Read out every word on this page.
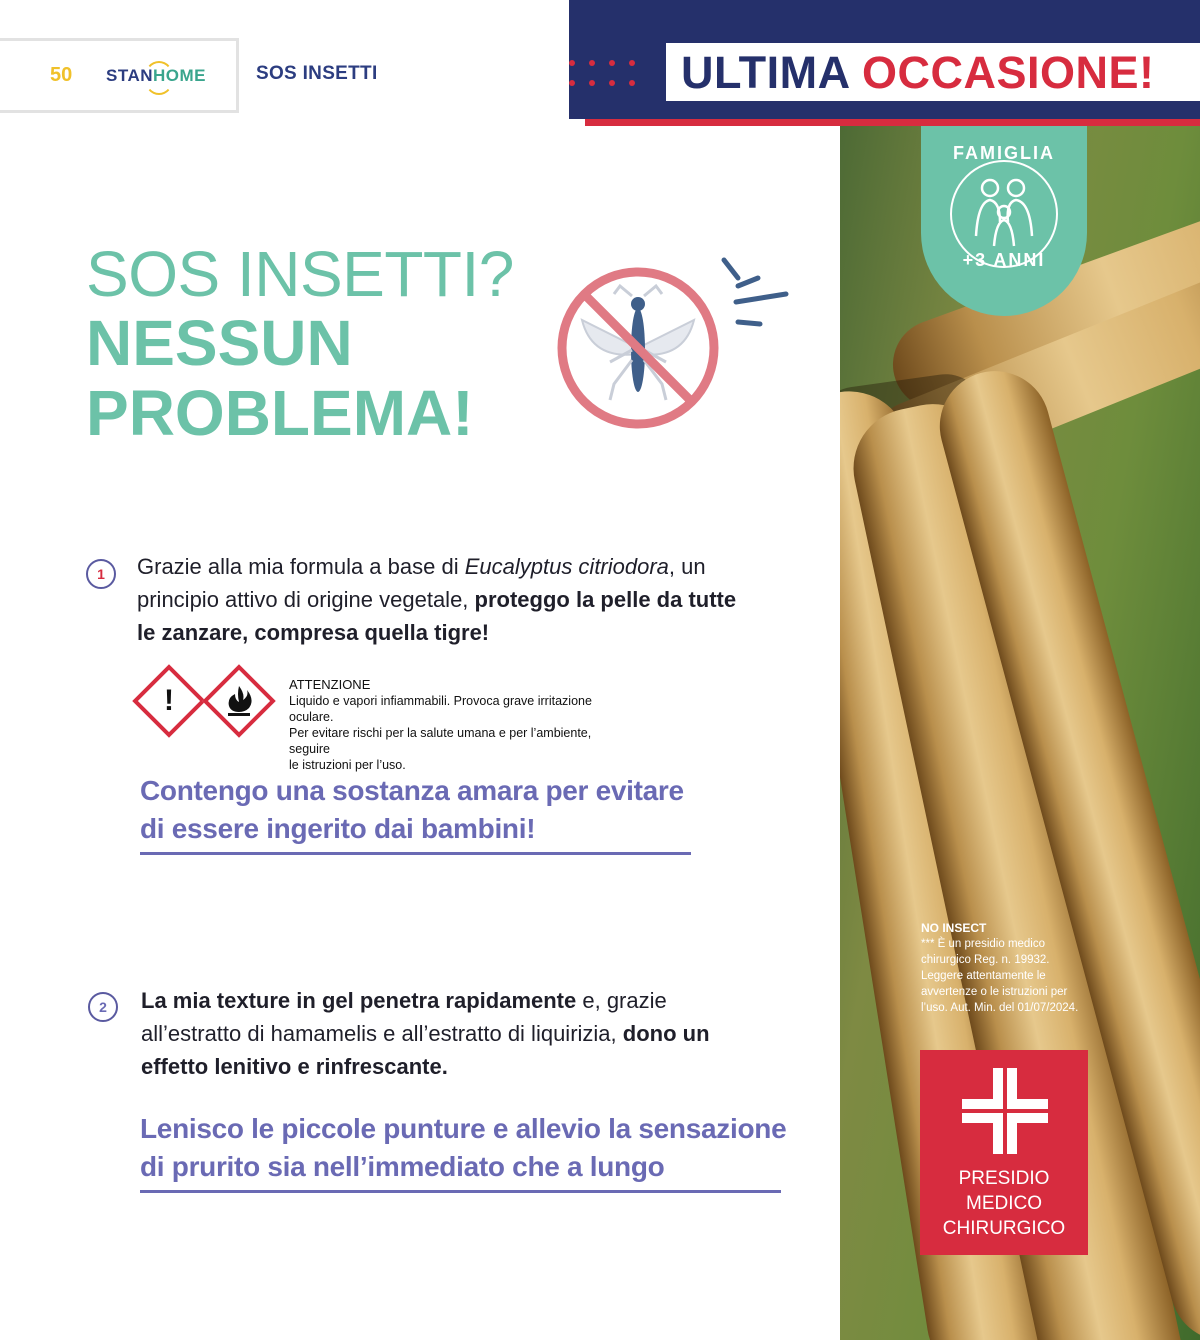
50 STANHOME	SOS INSETTI	ULTIMA OCCASIONE!
FAMIGLIA
+3 ANNI
NO INSECT
*** È un presidio medico chirurgico Reg. n. 19932. Leggere attentamente le avvertenze o le istruzioni per l’uso. Aut. Min. del 01/07/2024.
PRESIDIO
MEDICO
CHIRURGICO
SOS INSETTI?
NESSUN
PROBLEMA!
1	Grazie alla mia formula a base di Eucalyptus citriodora, un principio attivo di origine vegetale, proteggo la pelle da tutte le zanzare, compresa quella tigre!
!	ATTENZIONE
Liquido e vapori infiammabili. Provoca grave irritazione oculare.
Per evitare rischi per la salute umana e per l’ambiente, seguire
le istruzioni per l’uso.
Contengo una sostanza amara per evitare di essere ingerito dai bambini!
2	La mia texture in gel penetra rapidamente e, grazie all’estratto di hamamelis e all’estratto di liquirizia, dono un effetto lenitivo e rinfrescante.
Lenisco le piccole punture e allevio la sensazione di prurito sia nell’immediato che a lungo
